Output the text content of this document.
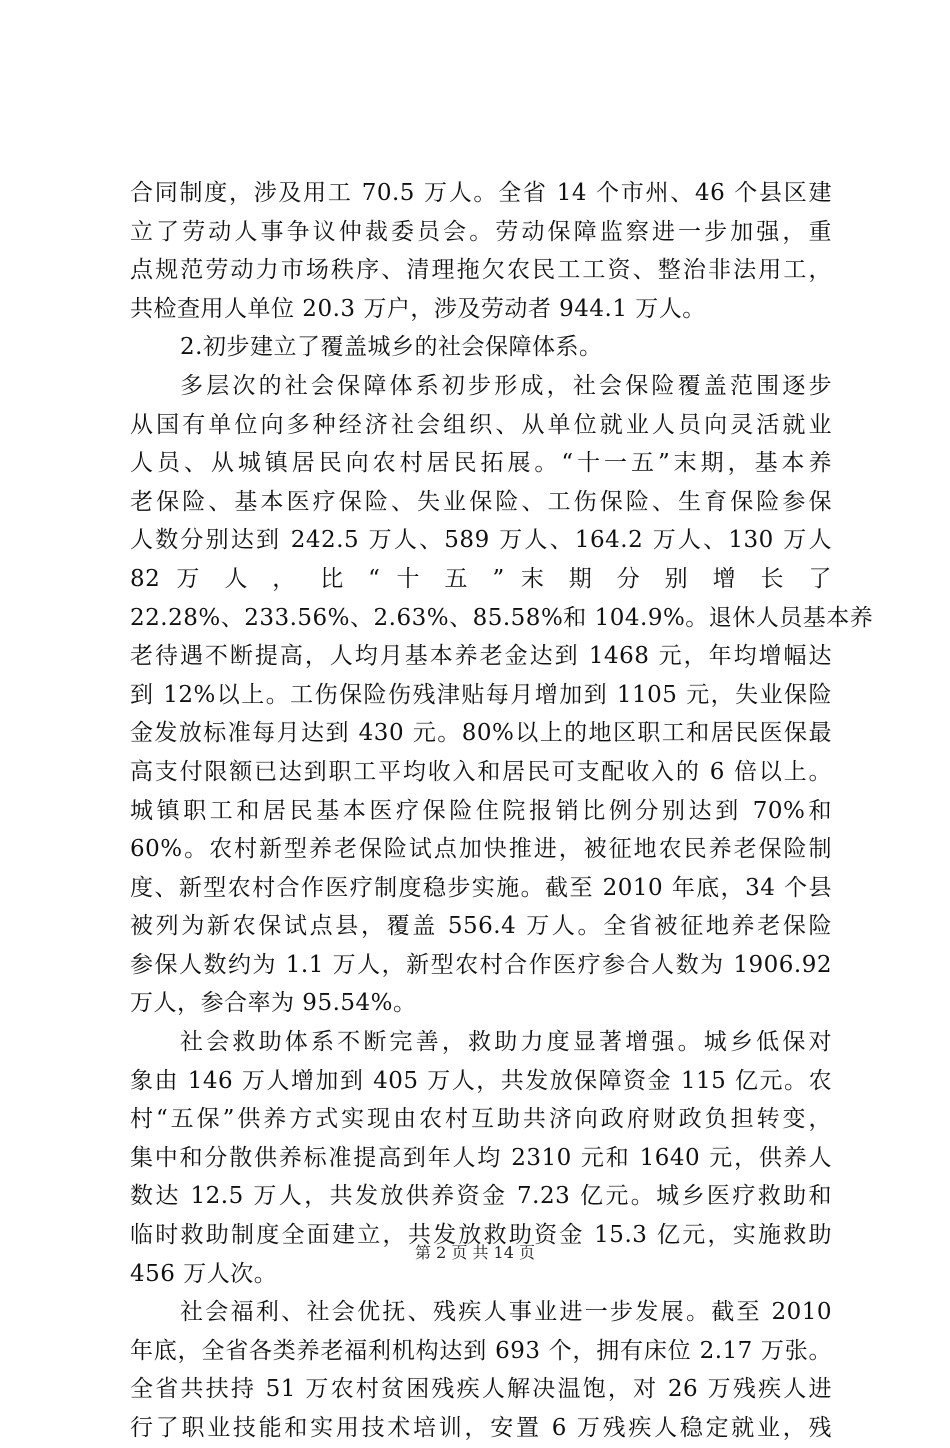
合同制度，涉及用工 70.5 万人。全省 14 个市州、46 个县区建
立了劳动人事争议仲裁委员会。劳动保障监察进一步加强，重
点规范劳动力市场秩序、清理拖欠农民工工资、整治非法用工，
共检查用人单位 20.3 万户，涉及劳动者 944.1 万人。
2.初步建立了覆盖城乡的社会保障体系。
多层次的社会保障体系初步形成，社会保险覆盖范围逐步
从国有单位向多种经济社会组织、从单位就业人员向灵活就业
人员、从城镇居民向农村居民拓展。“十一五”末期，基本养
老保险、基本医疗保险、失业保险、工伤保险、生育保险参保
人数分别达到 242.5 万人、589 万人、164.2 万人、130 万人
82 万 人 ， 比 “ 十 五 ” 末 期 分 别 增 长 了
22.28%、233.56%、2.63%、85.58%和 104.9%。退休人员基本养
老待遇不断提高，人均月基本养老金达到 1468 元，年均增幅达
到 12%以上。工伤保险伤残津贴每月增加到 1105 元，失业保险
金发放标准每月达到 430 元。80%以上的地区职工和居民医保最
高支付限额已达到职工平均收入和居民可支配收入的 6 倍以上。
城镇职工和居民基本医疗保险住院报销比例分别达到 70%和
60%。农村新型养老保险试点加快推进，被征地农民养老保险制
度、新型农村合作医疗制度稳步实施。截至 2010 年底，34 个县
被列为新农保试点县，覆盖 556.4 万人。全省被征地养老保险
参保人数约为 1.1 万人，新型农村合作医疗参合人数为 1906.92
万人，参合率为 95.54%。
社会救助体系不断完善，救助力度显著增强。城乡低保对
象由 146 万人增加到 405 万人，共发放保障资金 115 亿元。农
村“五保”供养方式实现由农村互助共济向政府财政负担转变，
集中和分散供养标准提高到年人均 2310 元和 1640 元，供养人
数达 12.5 万人，共发放供养资金 7.23 亿元。城乡医疗救助和
临时救助制度全面建立，共发放救助资金 15.3 亿元，实施救助
456 万人次。
社会福利、社会优抚、残疾人事业进一步发展。截至 2010
年底，全省各类养老福利机构达到 693 个，拥有床位 2.17 万张。
全省共扶持 51 万农村贫困残疾人解决温饱，对 26 万残疾人进
行了职业技能和实用技术培训，安置 6 万残疾人稳定就业，残
第 2 页 共 14 页
